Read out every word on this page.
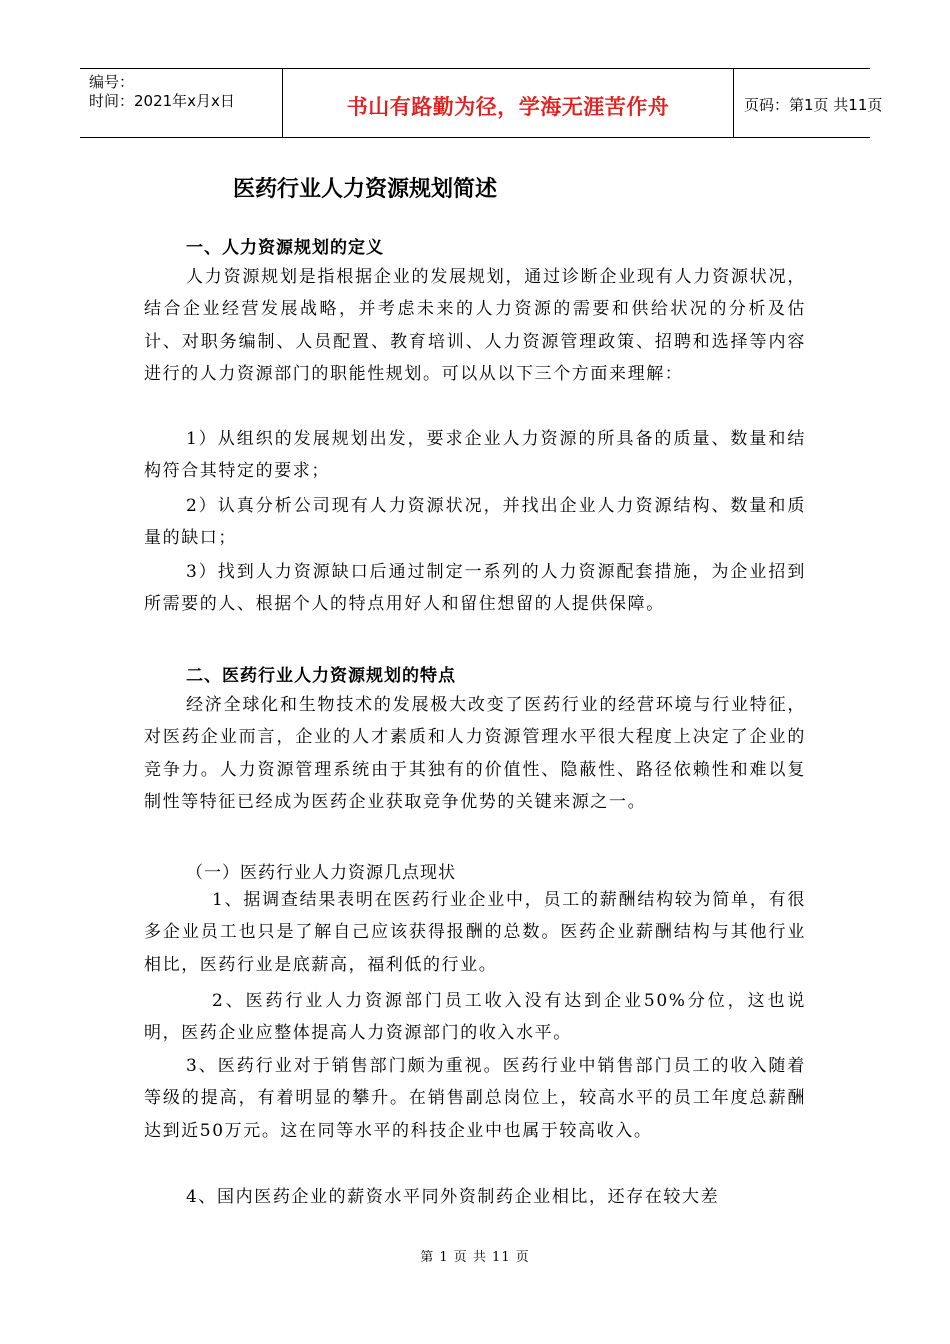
编号：
时间：2021年x月x日	书山有路勤为径，学海无涯苦作舟	页码：第1页 共11页
医药行业人力资源规划简述
一、人力资源规划的定义
人力资源规划是指根据企业的发展规划，通过诊断企业现有人力资源状况，结合企业经营发展战略，并考虑未来的人力资源的需要和供给状况的分析及估计、对职务编制、人员配置、教育培训、人力资源管理政策、招聘和选择等内容进行的人力资源部门的职能性规划。可以从以下三个方面来理解：
1）从组织的发展规划出发，要求企业人力资源的所具备的质量、数量和结构符合其特定的要求；
2）认真分析公司现有人力资源状况，并找出企业人力资源结构、数量和质量的缺口；
3）找到人力资源缺口后通过制定一系列的人力资源配套措施，为企业招到所需要的人、根据个人的特点用好人和留住想留的人提供保障。
二、医药行业人力资源规划的特点
经济全球化和生物技术的发展极大改变了医药行业的经营环境与行业特征，对医药企业而言，企业的人才素质和人力资源管理水平很大程度上决定了企业的竞争力。人力资源管理系统由于其独有的价值性、隐蔽性、路径依赖性和难以复制性等特征已经成为医药企业获取竞争优势的关键来源之一。
（一）医药行业人力资源几点现状
1、据调查结果表明在医药行业企业中，员工的薪酬结构较为简单，有很多企业员工也只是了解自己应该获得报酬的总数。医药企业薪酬结构与其他行业相比，医药行业是底薪高，福利低的行业。
2、医药行业人力资源部门员工收入没有达到企业50%分位，这也说明，医药企业应整体提高人力资源部门的收入水平。
3、医药行业对于销售部门颇为重视。医药行业中销售部门员工的收入随着等级的提高，有着明显的攀升。在销售副总岗位上，较高水平的员工年度总薪酬达到近50万元。这在同等水平的科技企业中也属于较高收入。
4、国内医药企业的薪资水平同外资制药企业相比，还存在较大差
第 1 页 共 11 页
